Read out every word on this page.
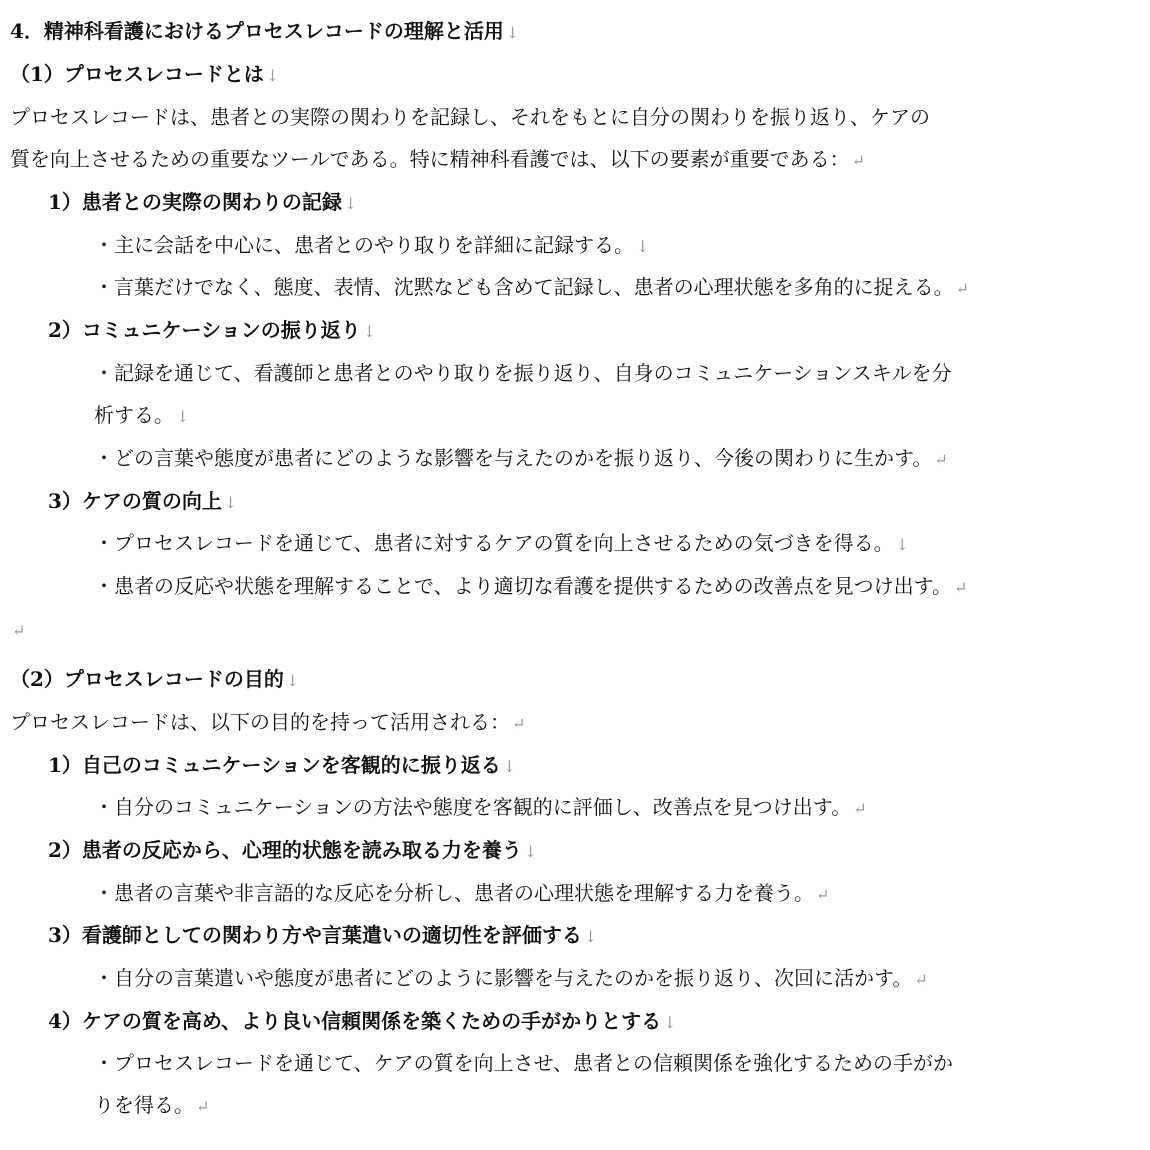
4．精神科看護におけるプロセスレコードの理解と活用 ↓
（1）プロセスレコードとは ↓
プロセスレコードは、患者との実際の関わりを記録し、それをもとに自分の関わりを振り返り、ケアの
質を向上させるための重要なツールである。特に精神科看護では、以下の要素が重要である： ↵
1）患者との実際の関わりの記録 ↓
・主に会話を中心に、患者とのやり取りを詳細に記録する。 ↓
・言葉だけでなく、態度、表情、沈黙なども含めて記録し、患者の心理状態を多角的に捉える。 ↵
2）コミュニケーションの振り返り ↓
・記録を通じて、看護師と患者とのやり取りを振り返り、自身のコミュニケーションスキルを分
析する。 ↓
・どの言葉や態度が患者にどのような影響を与えたのかを振り返り、今後の関わりに生かす。 ↵
3）ケアの質の向上 ↓
・プロセスレコードを通じて、患者に対するケアの質を向上させるための気づきを得る。 ↓
・患者の反応や状態を理解することで、より適切な看護を提供するための改善点を見つけ出す。 ↵
↵
（2）プロセスレコードの目的 ↓
プロセスレコードは、以下の目的を持って活用される： ↵
1）自己のコミュニケーションを客観的に振り返る ↓
・自分のコミュニケーションの方法や態度を客観的に評価し、改善点を見つけ出す。 ↵
2）患者の反応から、心理的状態を読み取る力を養う ↓
・患者の言葉や非言語的な反応を分析し、患者の心理状態を理解する力を養う。 ↵
3）看護師としての関わり方や言葉遣いの適切性を評価する ↓
・自分の言葉遣いや態度が患者にどのように影響を与えたのかを振り返り、次回に活かす。 ↵
4）ケアの質を高め、より良い信頼関係を築くための手がかりとする ↓
・プロセスレコードを通じて、ケアの質を向上させ、患者との信頼関係を強化するための手がか
りを得る。 ↵
